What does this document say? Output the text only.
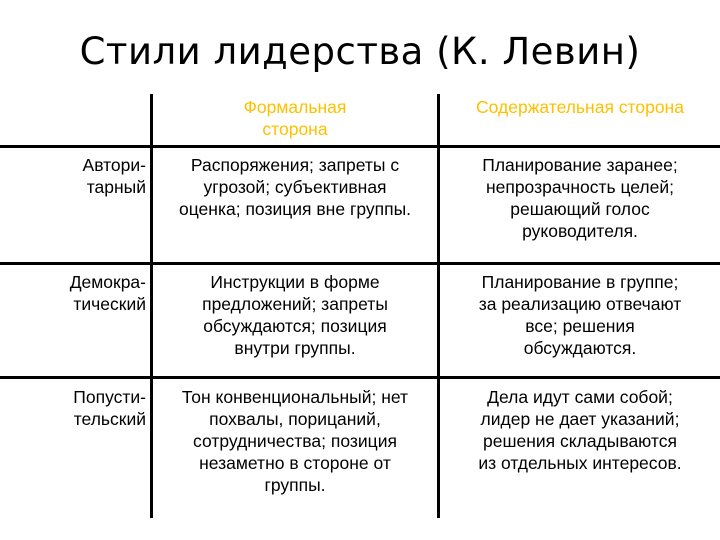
Стили лидерства (К. Левин)
Формальная
сторона
Содержательная сторона
Автори-
тарный
Распоряжения; запреты с
угрозой; субъективная
оценка; позиция вне группы.
Планирование заранее;
непрозрачность целей;
решающий голос
руководителя.
Демокра-
тический
Инструкции в форме
предложений; запреты
обсуждаются; позиция
внутри группы.
Планирование в группе;
за реализацию отвечают
все; решения
обсуждаются.
Попусти-
тельский
Тон конвенциональный; нет
похвалы, порицаний,
сотрудничества; позиция
незаметно в стороне от
группы.
Дела идут сами собой;
лидер не дает указаний;
решения складываются
из отдельных интересов.
